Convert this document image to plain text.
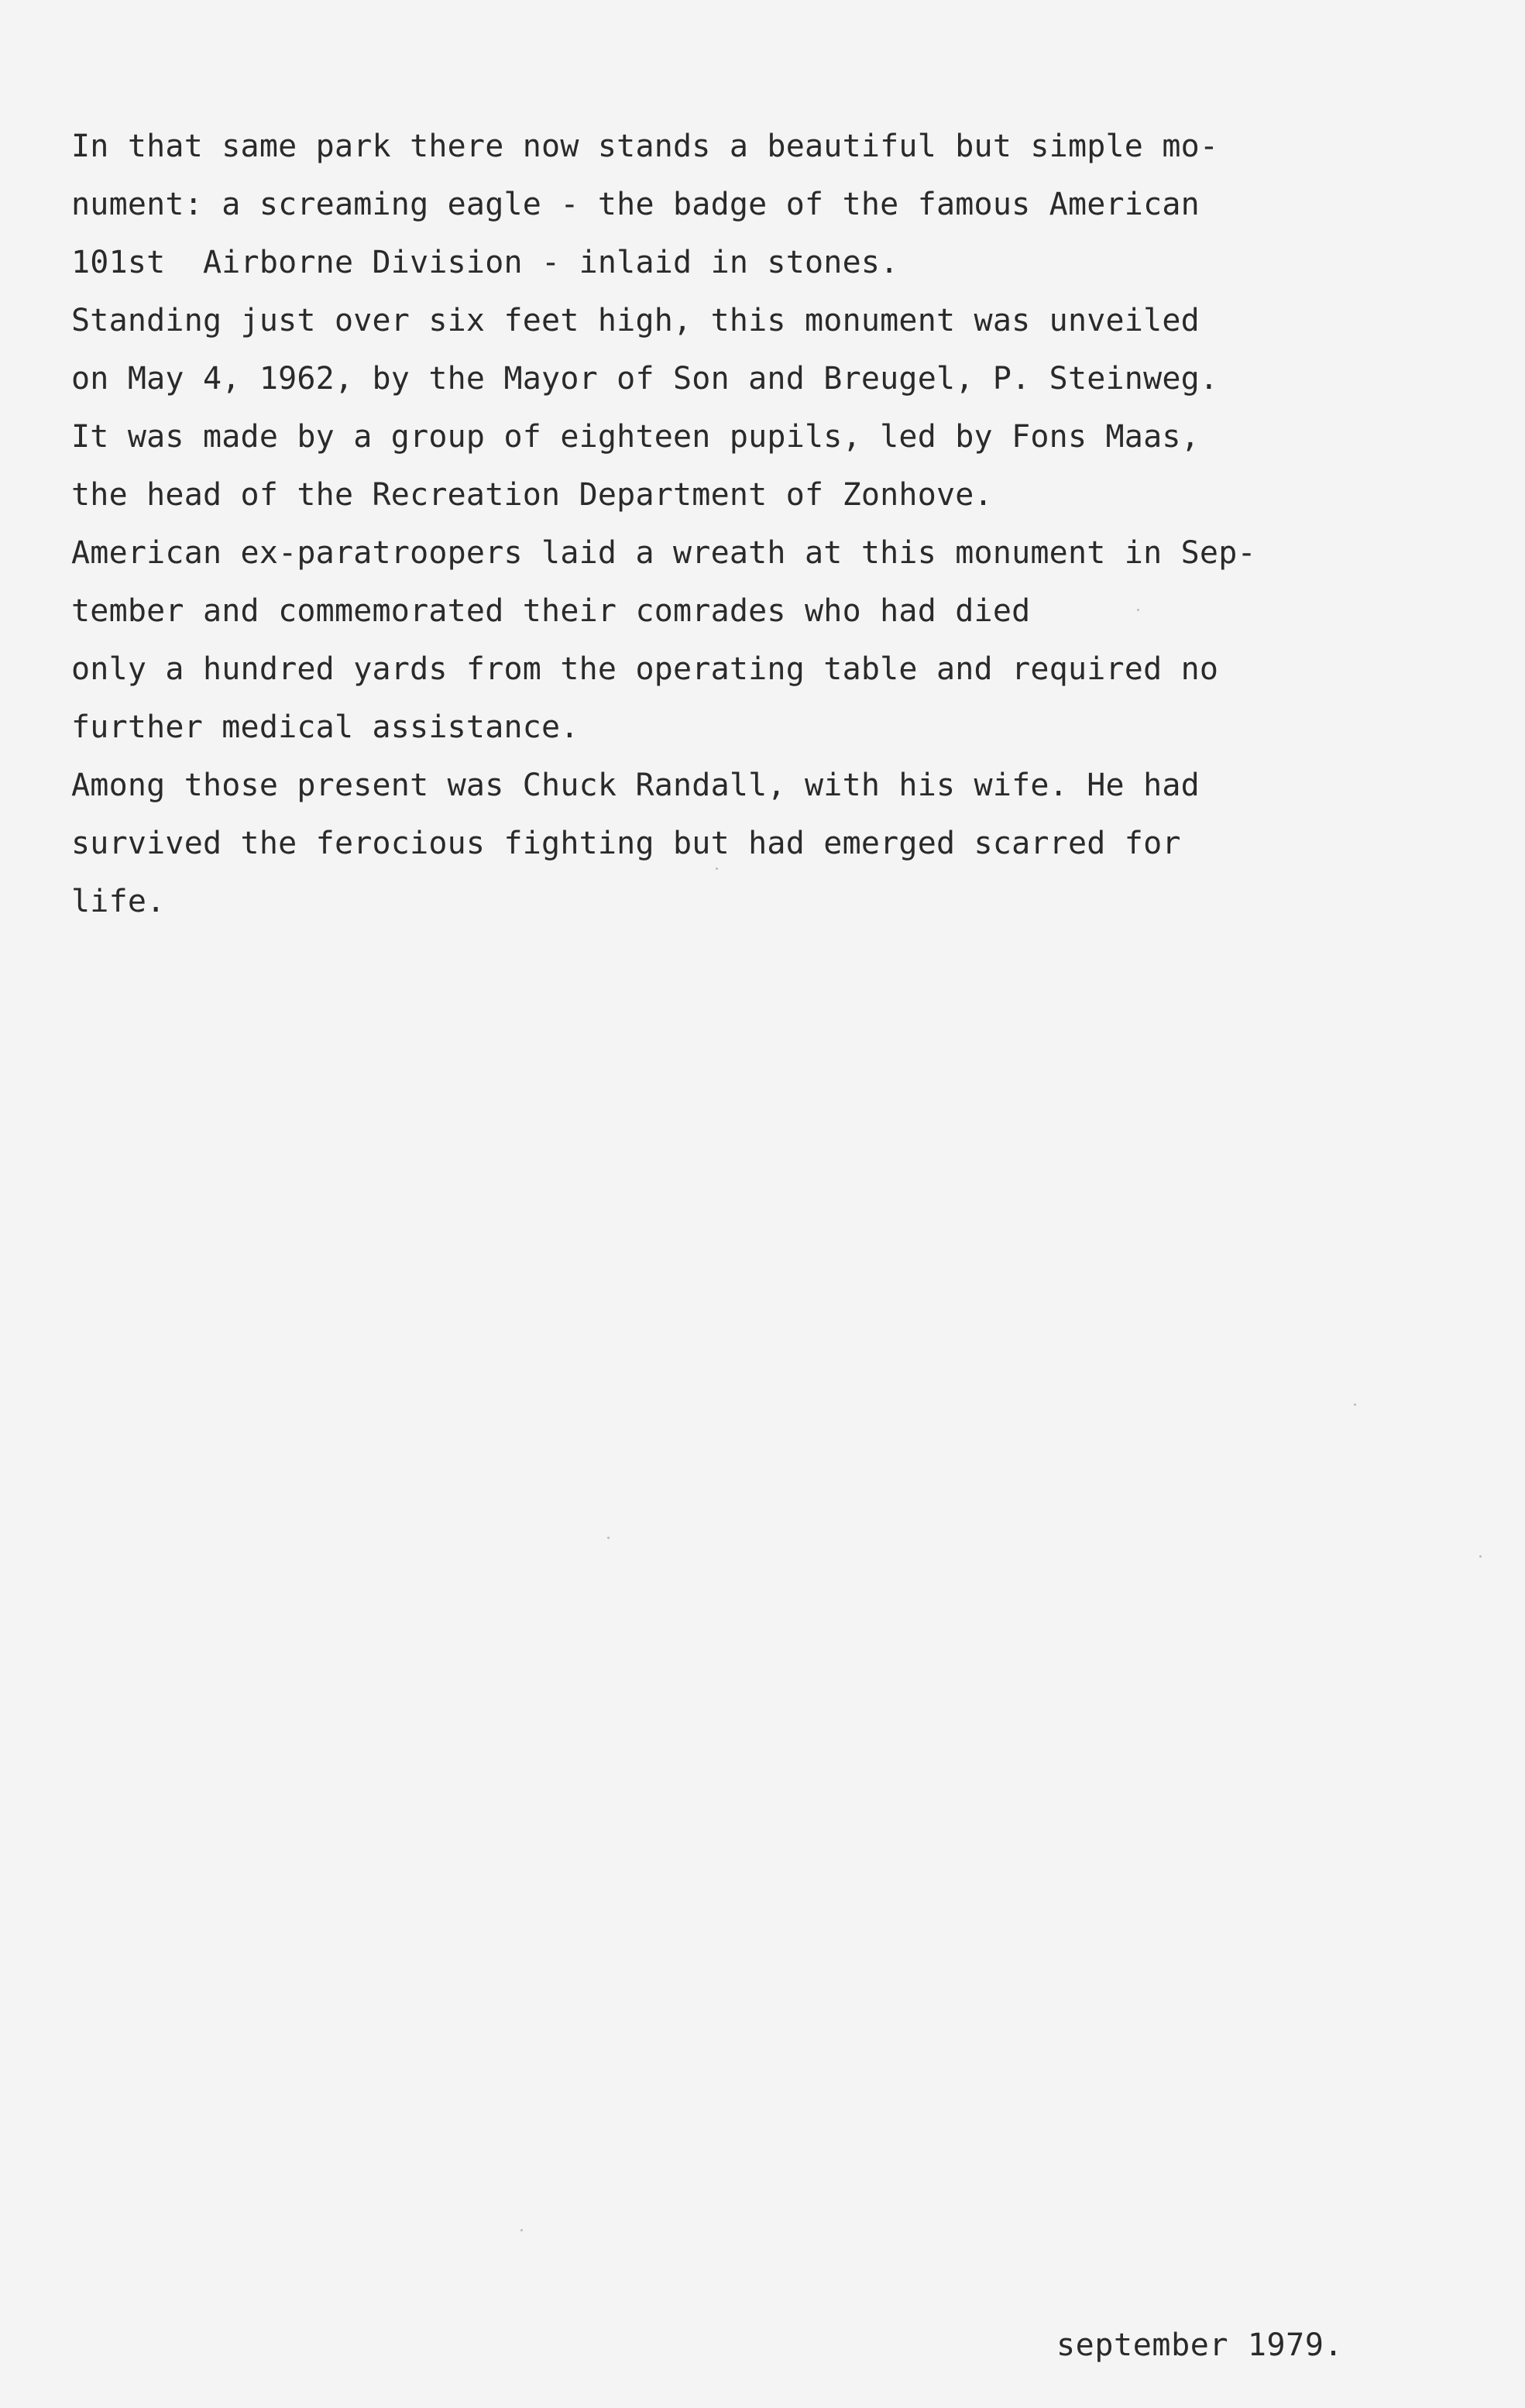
In that same park there now stands a beautiful but simple mo-
nument: a screaming eagle - the badge of the famous American
101st  Airborne Division - inlaid in stones.
Standing just over six feet high, this monument was unveiled
on May 4, 1962, by the Mayor of Son and Breugel, P. Steinweg.
It was made by a group of eighteen pupils, led by Fons Maas,
the head of the Recreation Department of Zonhove.
American ex-paratroopers laid a wreath at this monument in Sep-
tember and commemorated their comrades who had died
only a hundred yards from the operating table and required no
further medical assistance.
Among those present was Chuck Randall, with his wife. He had
survived the ferocious fighting but had emerged scarred for
life.
september 1979.
